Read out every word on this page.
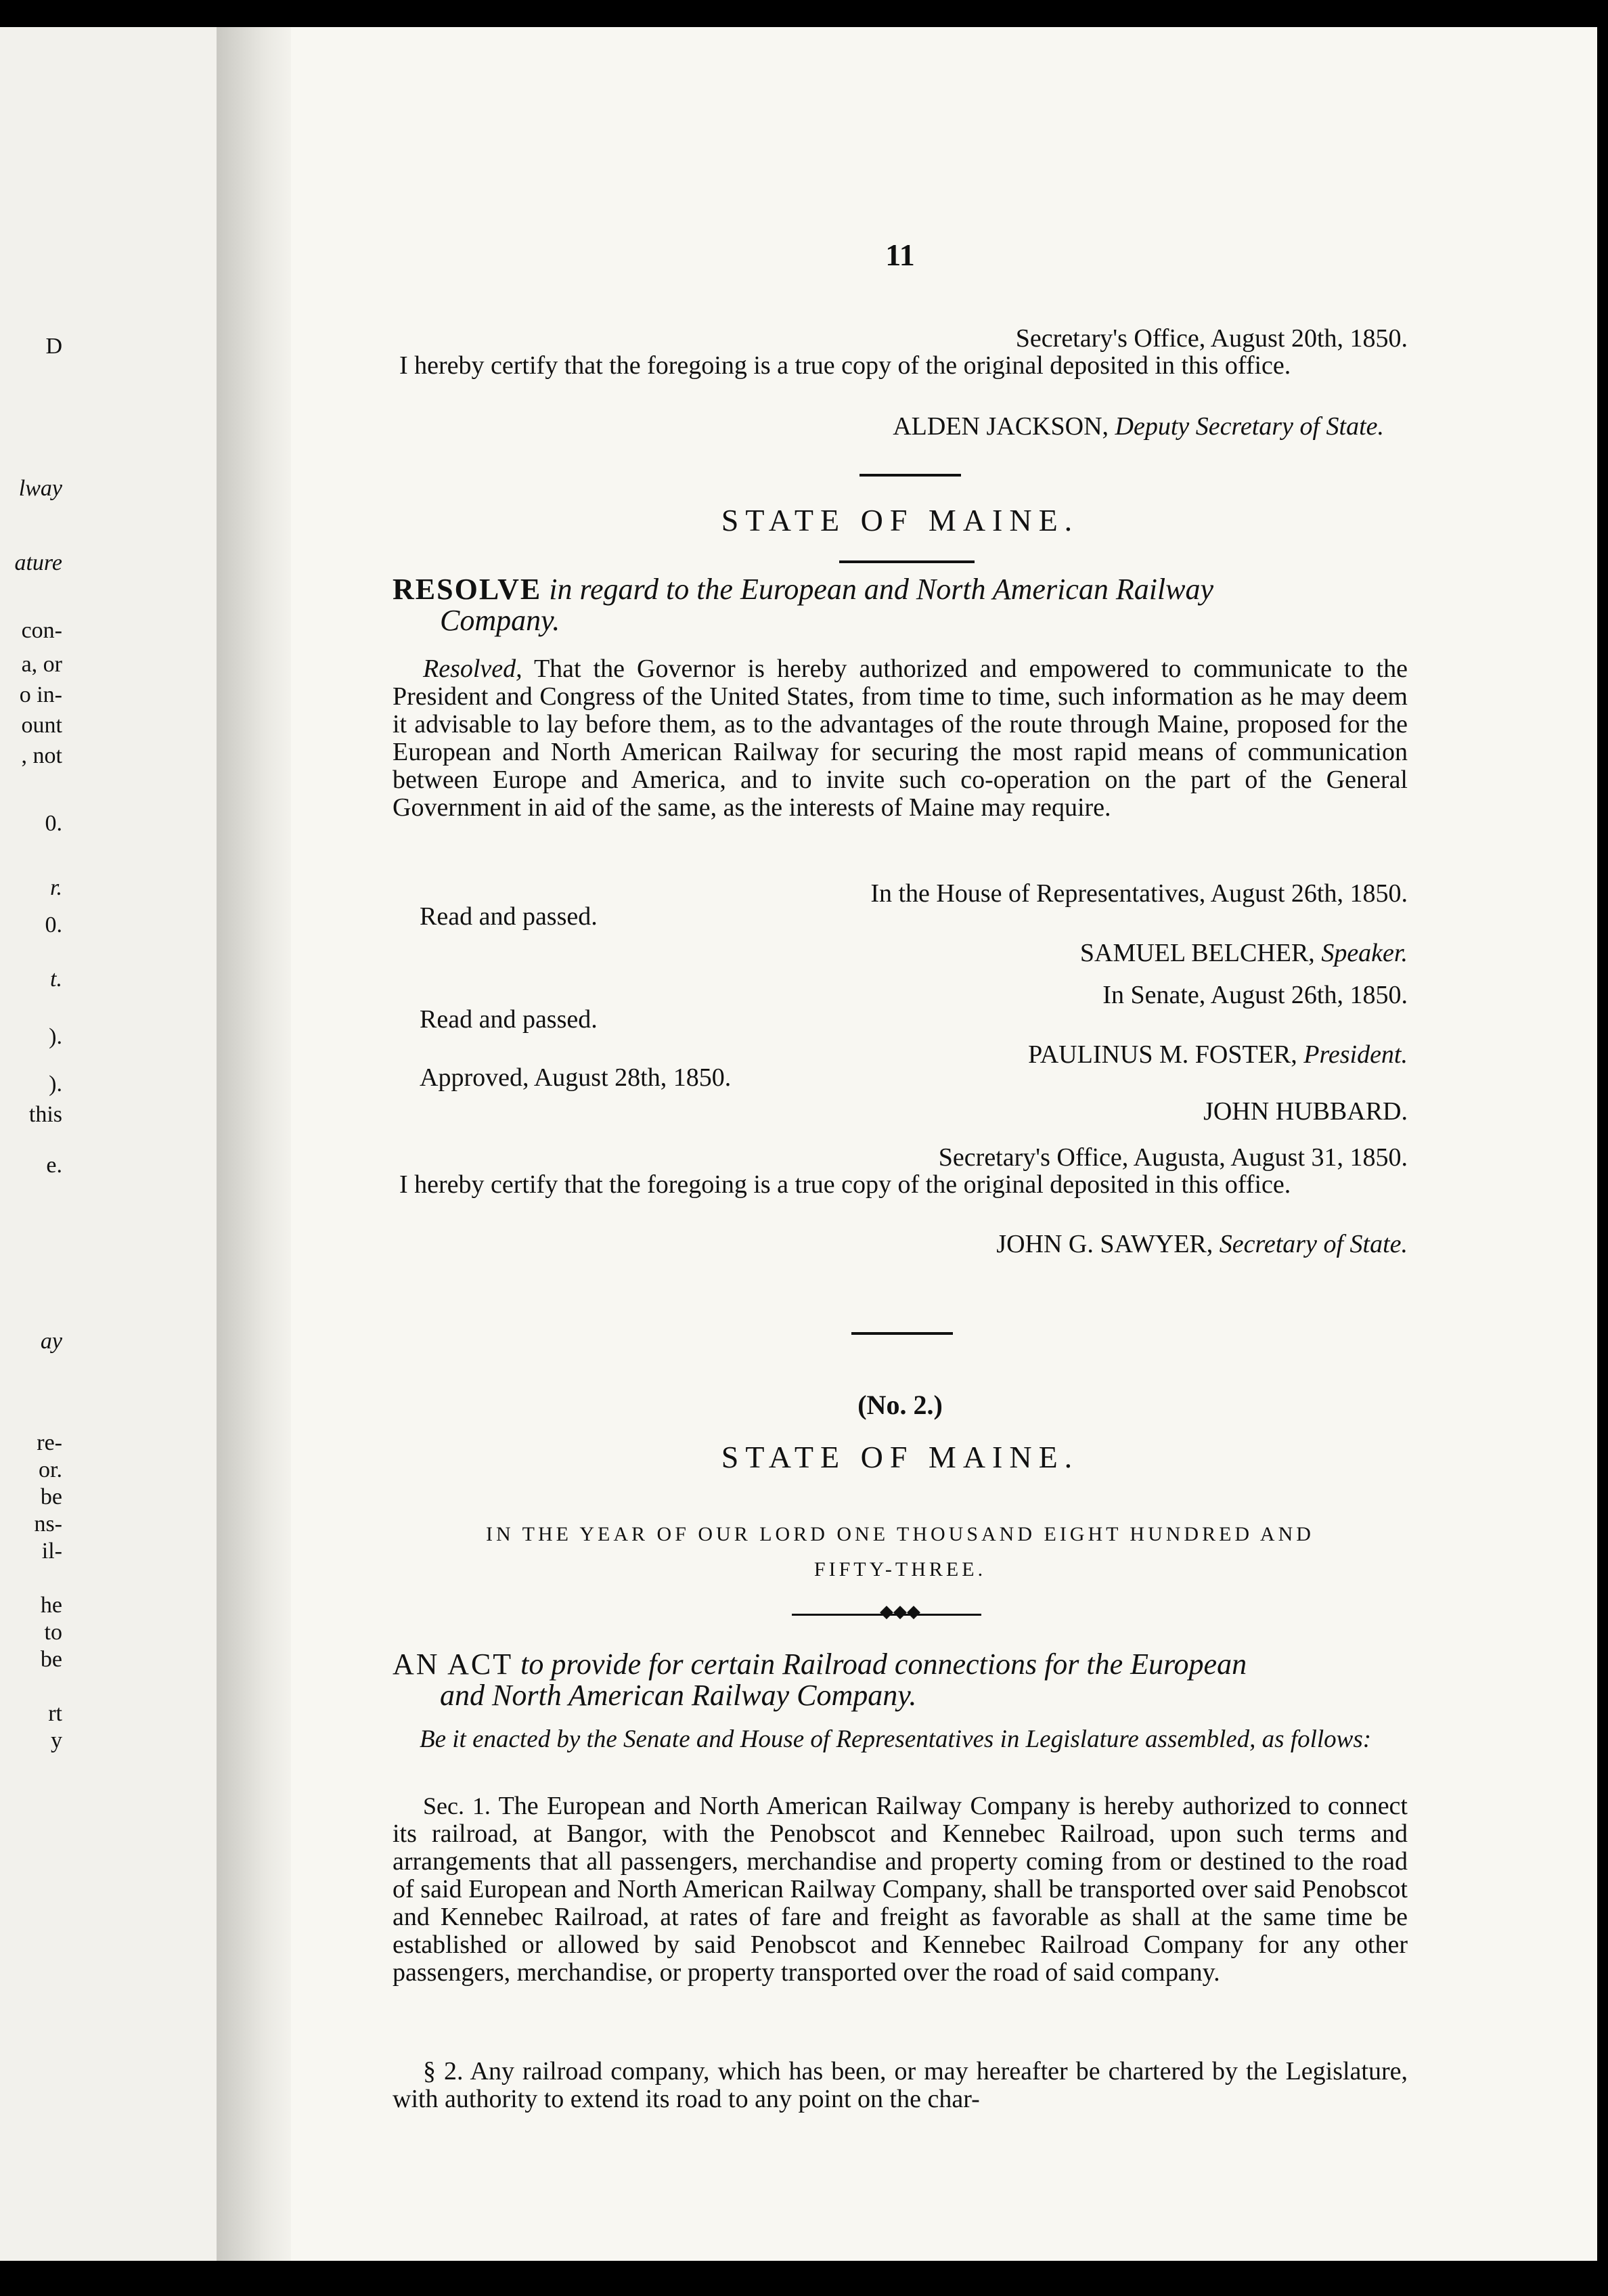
D
lway
ature
con-
a, or
o in-
ount
, not
0.
r.
0.
t.
).
).
this
e.
ay
re-
or.
be
ns-
il-
he
to
be
rt
y
11
Secretary's Office, August 20th, 1850.
I hereby certify that the foregoing is a true copy of the original deposited in this office.
ALDEN JACKSON, Deputy Secretary of State.
STATE OF MAINE.
RESOLVE in regard to the European and North American Railway
Company.
Resolved, That the Governor is hereby authorized and empowered to communicate to the President and Congress of the United States, from time to time, such information as he may deem it advisable to lay before them, as to the advantages of the route through Maine, proposed for the European and North American Railway for securing the most rapid means of communication between Europe and America, and to invite such co-operation on the part of the General Government in aid of the same, as the interests of Maine may require.
In the House of Representatives, August 26th, 1850.
Read and passed.
SAMUEL BELCHER, Speaker.
In Senate, August 26th, 1850.
Read and passed.
PAULINUS M. FOSTER, President.
Approved, August 28th, 1850.
JOHN HUBBARD.
Secretary's Office, Augusta, August 31, 1850.
I hereby certify that the foregoing is a true copy of the original deposited in this office.
JOHN G. SAWYER, Secretary of State.
(No. 2.)
STATE OF MAINE.
IN THE YEAR OF OUR LORD ONE THOUSAND EIGHT HUNDRED AND
FIFTY-THREE.
◆◆◆
AN ACT to provide for certain Railroad connections for the European
and North American Railway Company.
Be it enacted by the Senate and House of Representatives in Legislature assembled, as follows:
Sec. 1. The European and North American Railway Company is hereby authorized to connect its railroad, at Bangor, with the Penobscot and Kennebec Railroad, upon such terms and arrangements that all passengers, merchandise and property coming from or destined to the road of said European and North American Railway Company, shall be transported over said Penobscot and Kennebec Railroad, at rates of fare and freight as favorable as shall at the same time be established or allowed by said Penobscot and Kennebec Railroad Company for any other passengers, merchandise, or property transported over the road of said company.
§ 2. Any railroad company, which has been, or may hereafter be chartered by the Legislature, with authority to extend its road to any point on the char-
